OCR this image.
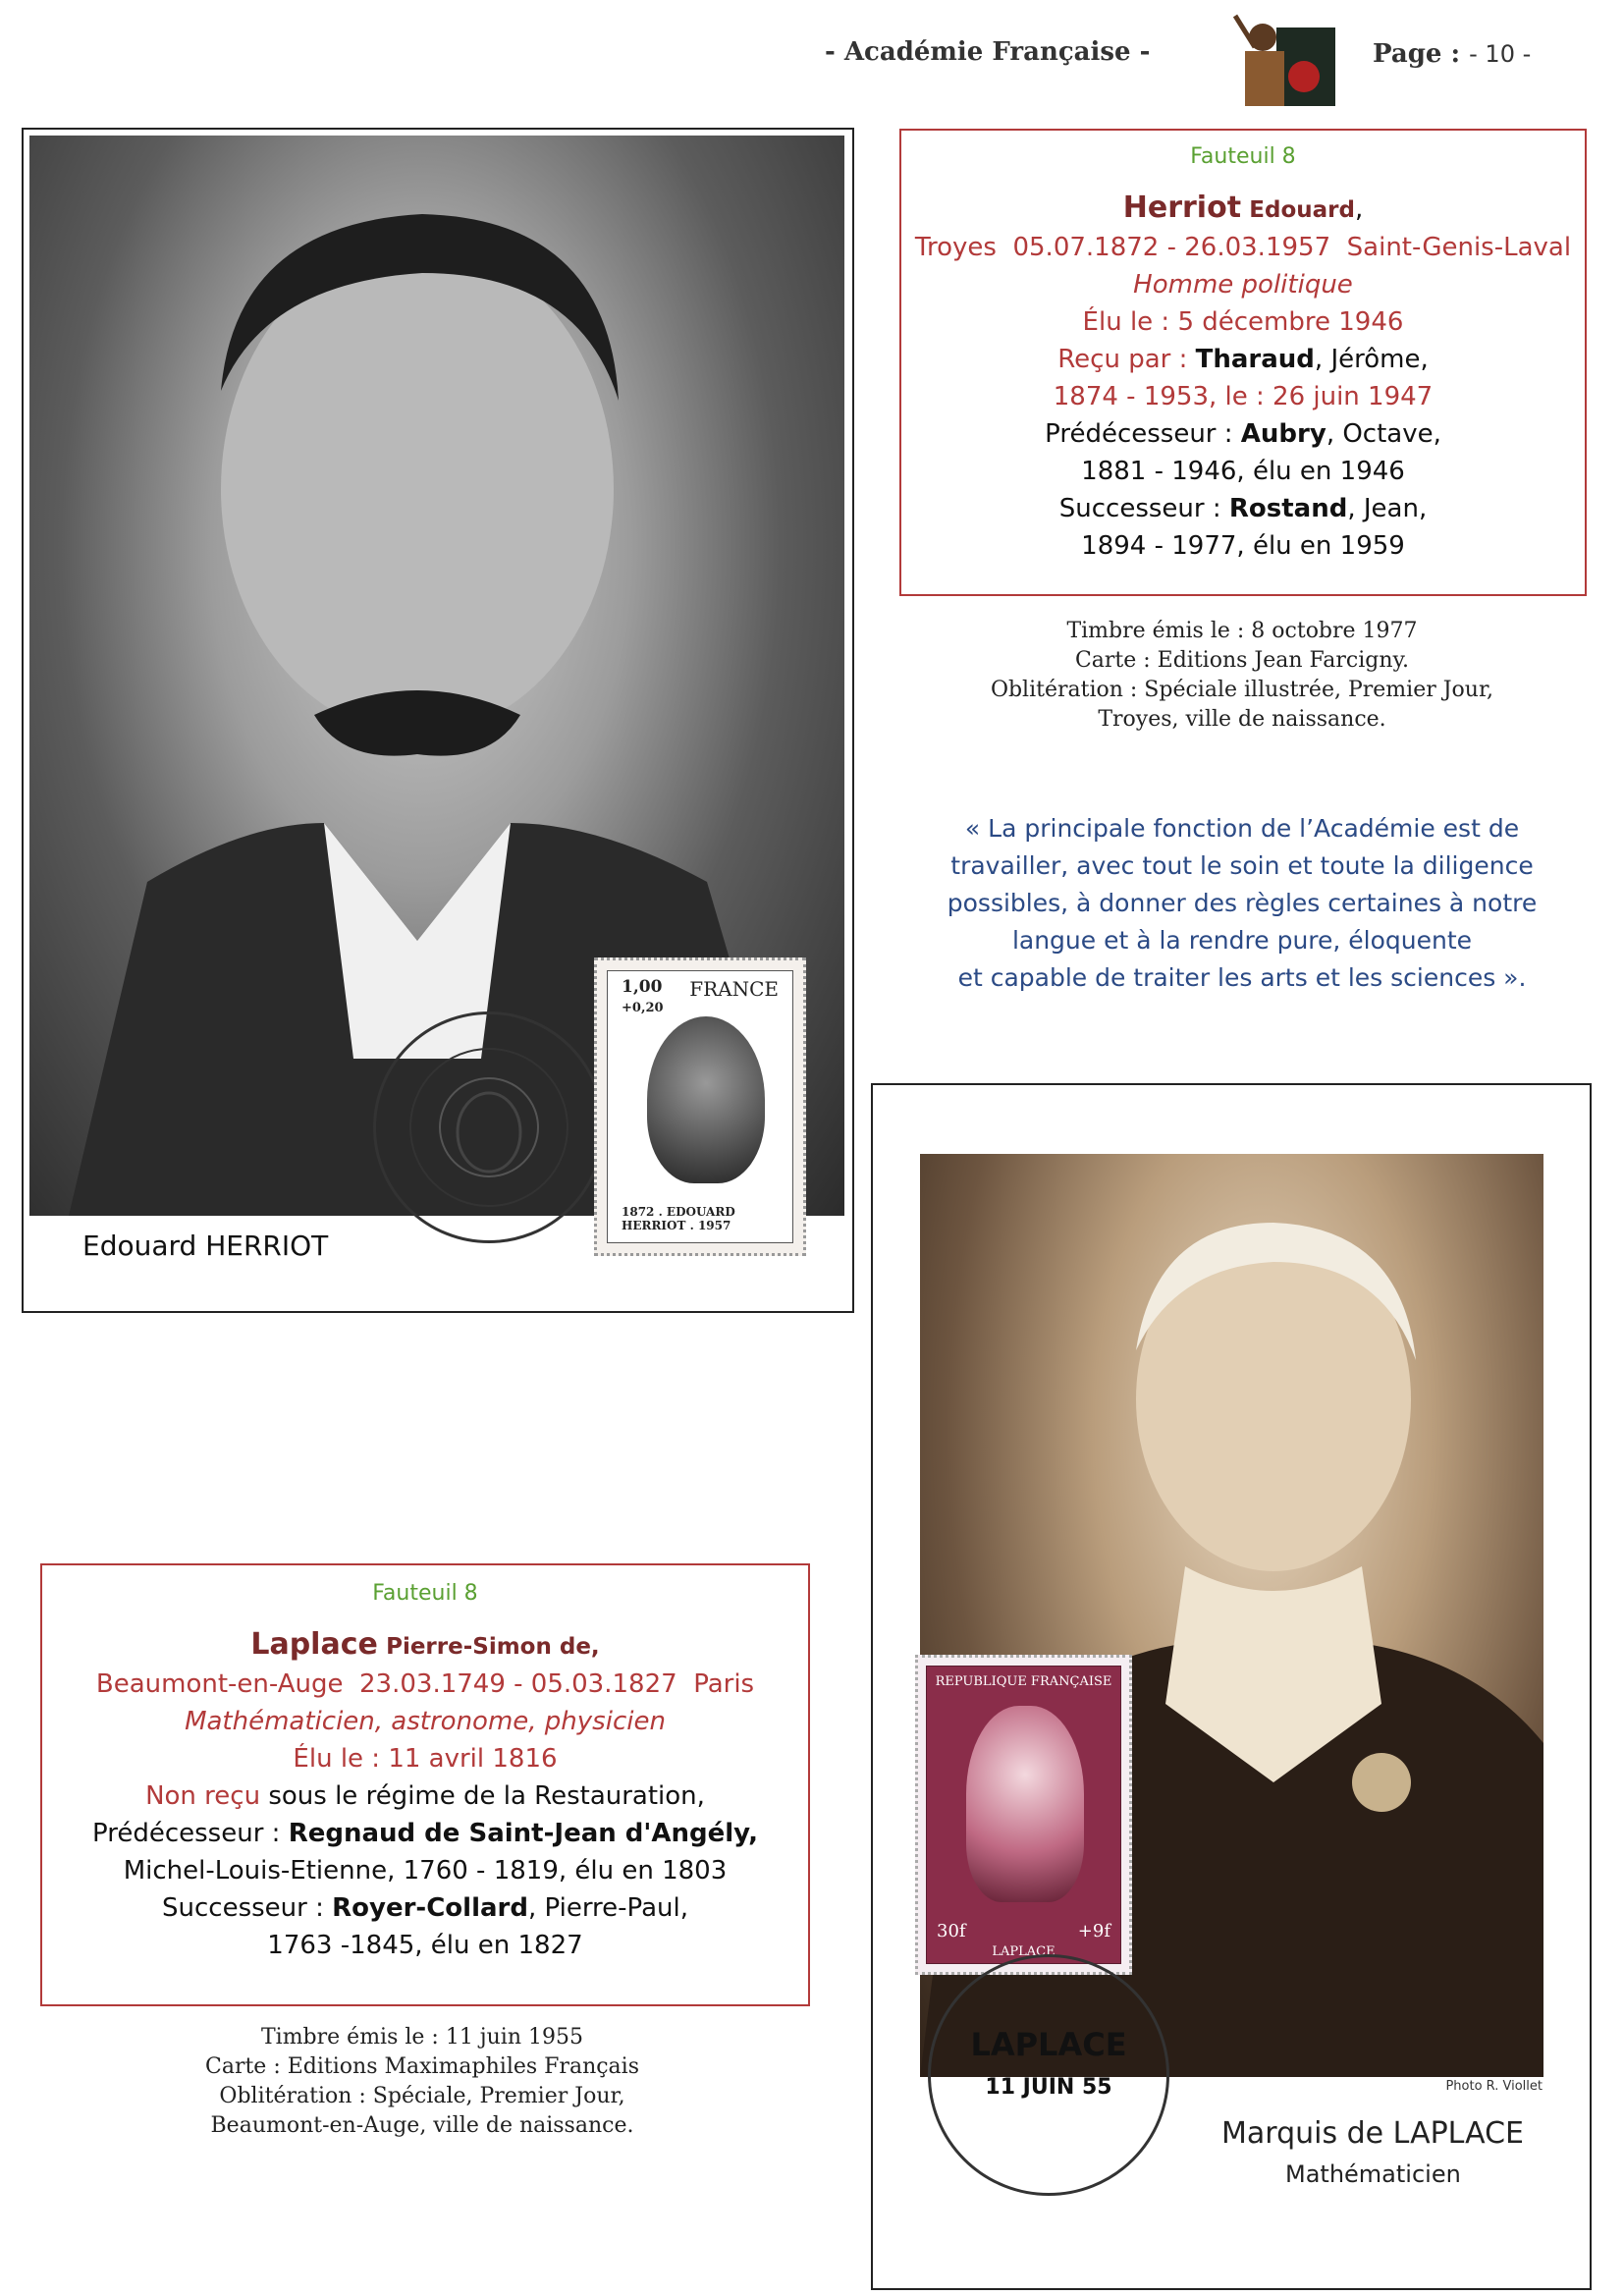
- Académie Française -	Page : - 10 -
Edouard HERRIOT
1,00
+0,20
FRANCE
1872 . EDOUARD HERRIOT . 1957
Fauteuil 8
Herriot Edouard,
Troyes 05.07.1872 - 26.03.1957 Saint-Genis-Laval
Homme politique
Élu le : 5 décembre 1946
Reçu par : Tharaud, Jérôme,
1874 - 1953, le : 26 juin 1947
Prédécesseur : Aubry, Octave,
1881 - 1946, élu en 1946
Successeur : Rostand, Jean,
1894 - 1977, élu en 1959
Timbre émis le : 8 octobre 1977
Carte : Editions Jean Farcigny.
Oblitération : Spéciale illustrée, Premier Jour,
Troyes, ville de naissance.
« La principale fonction de l’Académie est de
travailler, avec tout le soin et toute la diligence
possibles, à donner des règles certaines à notre
langue et à la rendre pure, éloquente
et capable de traiter les arts et les sciences ».
Photo R. Viollet
Marquis de LAPLACE
Mathématicien
REPUBLIQUE FRANÇAISE
30f	+9f
LAPLACE
LAPLACE
11 JUIN 55
Fauteuil 8
Laplace Pierre-Simon de,
Beaumont-en-Auge 23.03.1749 - 05.03.1827 Paris
Mathématicien, astronome, physicien
Élu le : 11 avril 1816
Non reçu sous le régime de la Restauration,
Prédécesseur : Regnaud de Saint-Jean d'Angély,
Michel-Louis-Etienne, 1760 - 1819, élu en 1803
Successeur : Royer-Collard, Pierre-Paul,
1763 -1845, élu en 1827
Timbre émis le : 11 juin 1955
Carte : Editions Maximaphiles Français
Oblitération : Spéciale, Premier Jour,
Beaumont-en-Auge, ville de naissance.
